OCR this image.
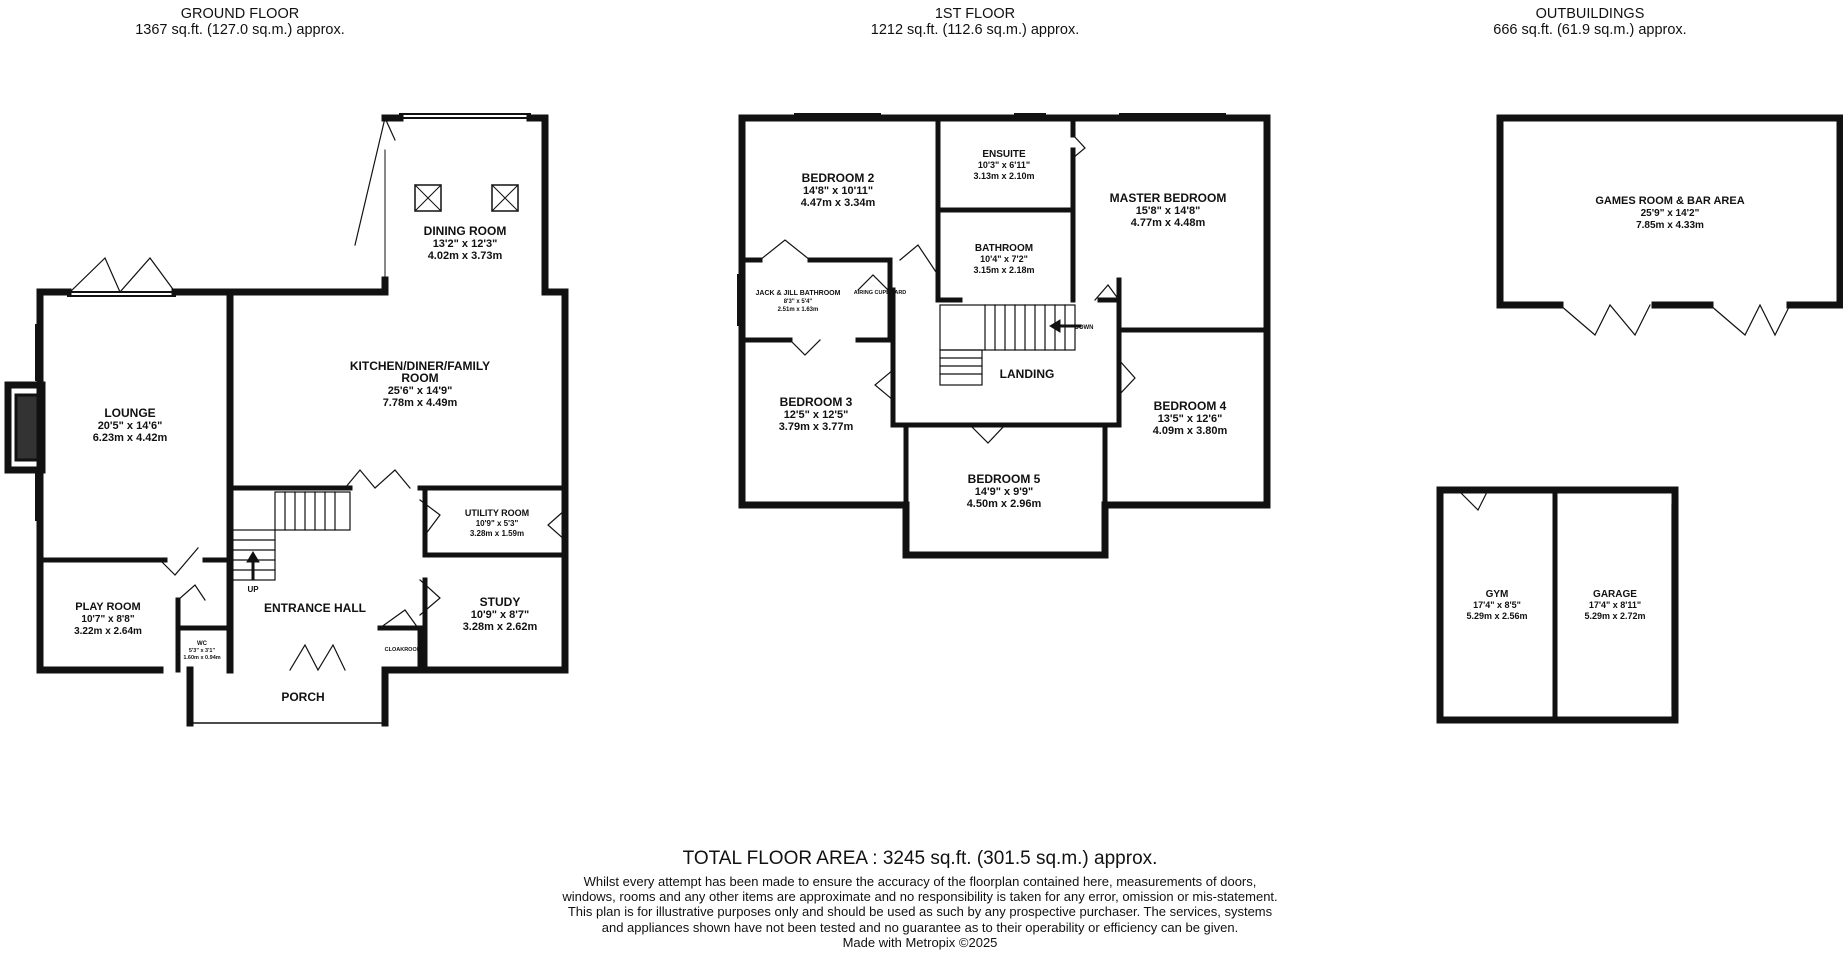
GROUND FLOOR
1367 sq.ft. (127.0 sq.m.) approx.
1ST FLOOR
1212 sq.ft. (112.6 sq.m.) approx.
OUTBUILDINGS
666 sq.ft. (61.9 sq.m.) approx.
LOUNGE
20'5" x 14'6"
6.23m x 4.42m
DINING ROOM
13'2" x 12'3"
4.02m x 3.73m
KITCHEN/DINER/FAMILY
ROOM
25'6" x 14'9"
7.78m x 4.49m
UTILITY ROOM
10'9" x 5'3"
3.28m x 1.59m
PLAY ROOM
10'7" x 8'8"
3.22m x 2.64m
ENTRANCE HALL
UP
WC
5'3" x 3'1"
1.60m x 0.94m
CLOAKROOM
STUDY
10'9" x 8'7"
3.28m x 2.62m
PORCH
BEDROOM 2
14'8" x 10'11"
4.47m x 3.34m
ENSUITE
10'3" x 6'11"
3.13m x 2.10m
MASTER BEDROOM
15'8" x 14'8"
4.77m x 4.48m
BATHROOM
10'4" x 7'2"
3.15m x 2.18m
JACK & JILL BATHROOM
8'3" x 5'4"
2.51m x 1.63m
AIRING CUPBOARD
LANDING
DOWN
BEDROOM 3
12'5" x 12'5"
3.79m x 3.77m
BEDROOM 4
13'5" x 12'6"
4.09m x 3.80m
BEDROOM 5
14'9" x 9'9"
4.50m x 2.96m
GAMES ROOM & BAR AREA
25'9" x 14'2"
7.85m x 4.33m
GYM
17'4" x 8'5"
5.29m x 2.56m
GARAGE
17'4" x 8'11"
5.29m x 2.72m
TOTAL FLOOR AREA : 3245 sq.ft. (301.5 sq.m.) approx.
Whilst every attempt has been made to ensure the accuracy of the floorplan contained here, measurements of doors, windows, rooms and any other items are approximate and no responsibility is taken for any error, omission or mis-statement. This plan is for illustrative purposes only and should be used as such by any prospective purchaser. The services, systems and appliances shown have not been tested and no guarantee as to their operability or efficiency can be given.
Made with Metropix ©2025
